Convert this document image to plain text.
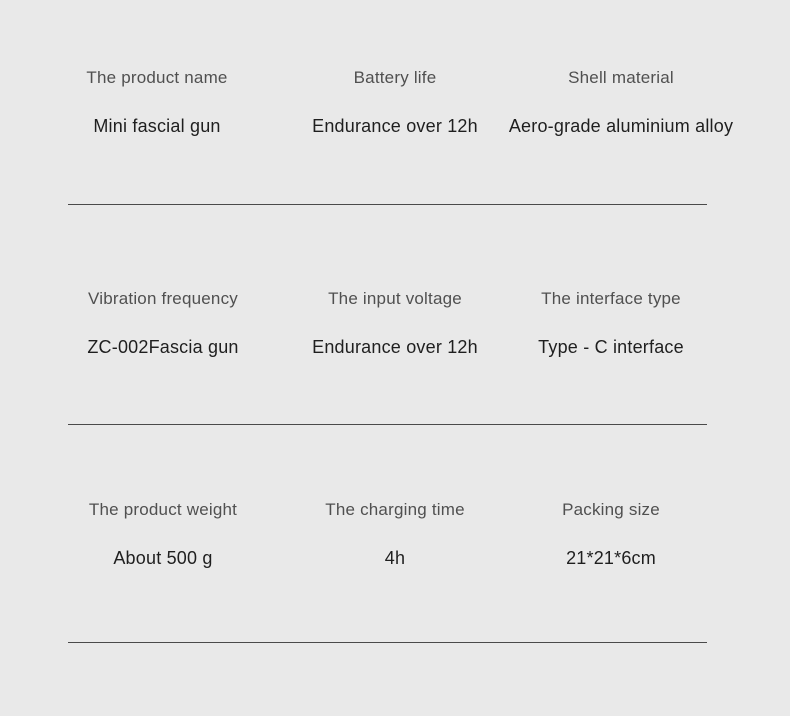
The product name
Mini fascial gun
Battery life
Endurance over 12h
Shell material
Aero-grade aluminium alloy
Vibration frequency
ZC-002Fascia gun
The input voltage
Endurance over 12h
The interface type
Type - C interface
The product weight
About 500 g
The charging time
4h
Packing size
21*21*6cm
